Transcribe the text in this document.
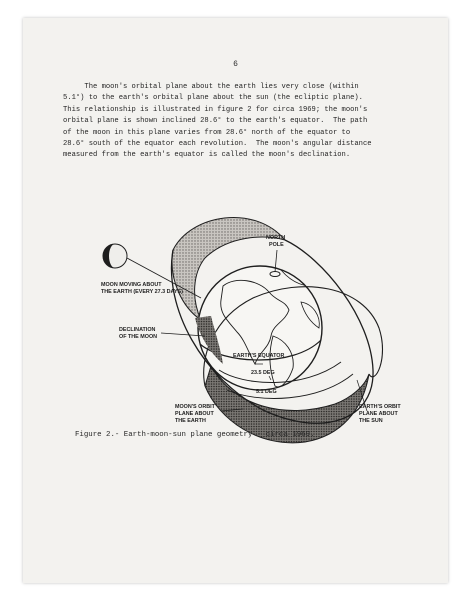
6

The moon's orbital plane about the earth lies very close (within
5.1°) to the earth's orbital plane about the sun (the ecliptic plane).
This relationship is illustrated in figure 2 for circa 1969; the moon's
orbital plane is shown inclined 28.6° to the earth's equator.  The path
of the moon in this plane varies from 28.6° north of the equator to
28.6° south of the equator each revolution.  The moon's angular distance
measured from the earth's equator is called the moon's declination.

NORTH
POLE
MOON MOVING ABOUT
THE EARTH (EVERY 27.3 DAYS)
DECLINATION
OF THE MOON
EARTH'S EQUATOR
23.5 DEG
5.1 DEG
MOON'S ORBIT
PLANE ABOUT
THE EARTH
EARTH'S ORBIT
PLANE ABOUT
THE SUN
Figure 2.- Earth-moon-sun plane geometry - circa 1969.
